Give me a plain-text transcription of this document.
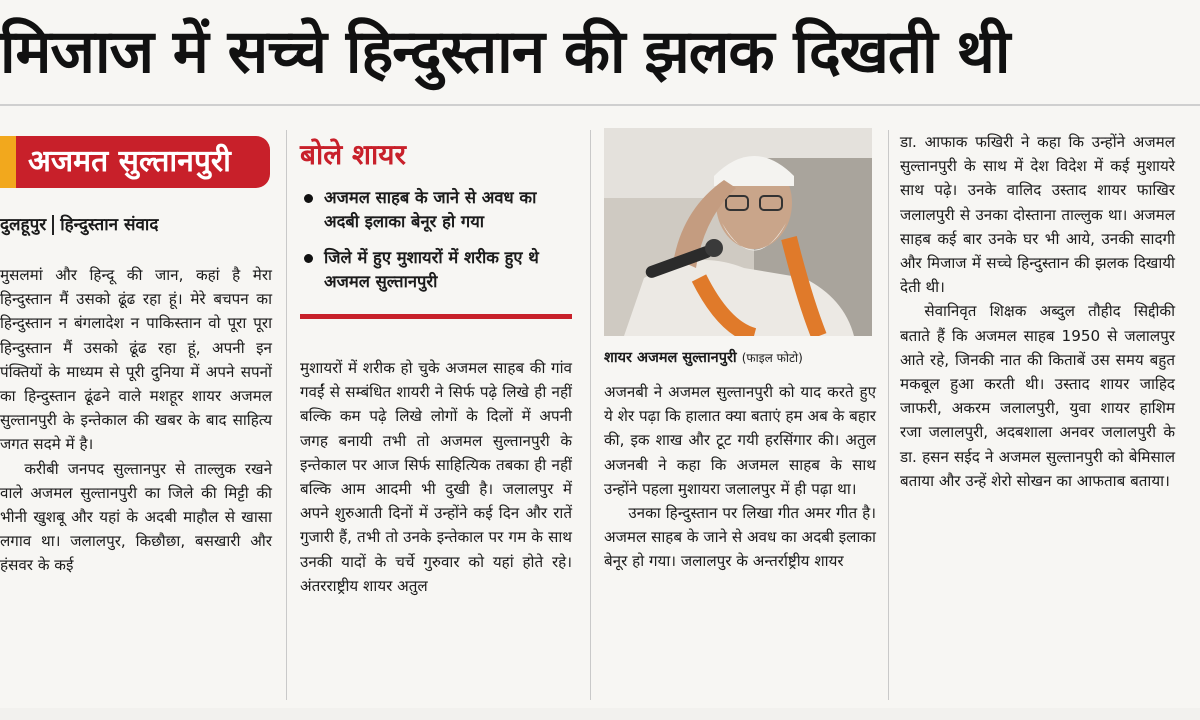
मिजाज में सच्चे हिन्दुस्तान की झलक दिखती थी
अजमत सुल्तानपुरी
दुलहूपुर हिन्दुस्तान संवाद

मुसलमां और हिन्दू की जान, कहां है मेरा हिन्दुस्तान मैं उसको ढूंढ रहा हूं। मेरे बचपन का हिन्दुस्तान न बंगलादेश न पाकिस्तान वो पूरा पूरा हिन्दुस्तान मैं उसको ढूंढ रहा हूं, अपनी इन पंक्तियों के माध्यम से पूरी दुनिया में अपने सपनों का हिन्दुस्तान ढूंढने वाले मशहूर शायर अजमल सुल्तानपुरी के इन्तेकाल की खबर के बाद साहित्य जगत सदमे में है।

करीबी जनपद सुल्तानपुर से ताल्लुक रखने वाले अजमल सुल्तानपुरी का जिले की मिट्टी की भीनी खुशबू और यहां के अदबी माहौल से खासा लगाव था। जलालपुर, किछौछा, बसखारी और हंसवर के कई

बोले शायर
अजमल साहब के जाने से अवध का अदबी इलाका बेनूर हो गया
जिले में हुए मुशायरों में शरीक हुए थे अजमल सुल्तानपुरी

मुशायरों में शरीक हो चुके अजमल साहब की गांव गवईं से सम्बंधित शायरी ने सिर्फ पढ़े लिखे ही नहीं बल्कि कम पढ़े लिखे लोगों के दिलों में अपनी जगह बनायी तभी तो अजमल सुल्तानपुरी के इन्तेकाल पर आज सिर्फ साहित्यिक तबका ही नहीं बल्कि आम आदमी भी दुखी है। जलालपुर में अपने शुरुआती दिनों में उन्होंने कई दिन और रातें गुजारी हैं, तभी तो उनके इन्तेकाल पर गम के साथ उनकी यादों के चर्चे गुरुवार को यहां होते रहे। अंतरराष्ट्रीय शायर अतुल

शायर अजमल सुल्तानपुरी (फाइल फोटो)

अजनबी ने अजमल सुल्तानपुरी को याद करते हुए ये शेर पढ़ा कि हालात क्या बताएं हम अब के बहार की, इक शाख और टूट गयी हरसिंगार की। अतुल अजनबी ने कहा कि अजमल साहब के साथ उन्होंने पहला मुशायरा जलालपुर में ही पढ़ा था।

उनका हिन्दुस्तान पर लिखा गीत अमर गीत है। अजमल साहब के जाने से अवध का अदबी इलाका बेनूर हो गया। जलालपुर के अन्तर्राष्ट्रीय शायर

डा. आफाक फखिरी ने कहा कि उन्होंने अजमल सुल्तानपुरी के साथ में देश विदेश में कई मुशायरे साथ पढ़े। उनके वालिद उस्ताद शायर फाखिर जलालपुरी से उनका दोस्ताना ताल्लुक था। अजमल साहब कई बार उनके घर भी आये, उनकी सादगी और मिजाज में सच्चे हिन्दुस्तान की झलक दिखायी देती थी।

सेवानिवृत शिक्षक अब्दुल तौहीद सिद्दीकी बताते हैं कि अजमल साहब 1950 से जलालपुर आते रहे, जिनकी नात की किताबें उस समय बहुत मकबूल हुआ करती थी। उस्ताद शायर जाहिद जाफरी, अकरम जलालपुरी, युवा शायर हाशिम रजा जलालपुरी, अदबशाला अनवर जलालपुरी के डा. हसन सईद ने अजमल सुल्तानपुरी को बेमिसाल बताया और उन्हें शेरो सोखन का आफताब बताया।
